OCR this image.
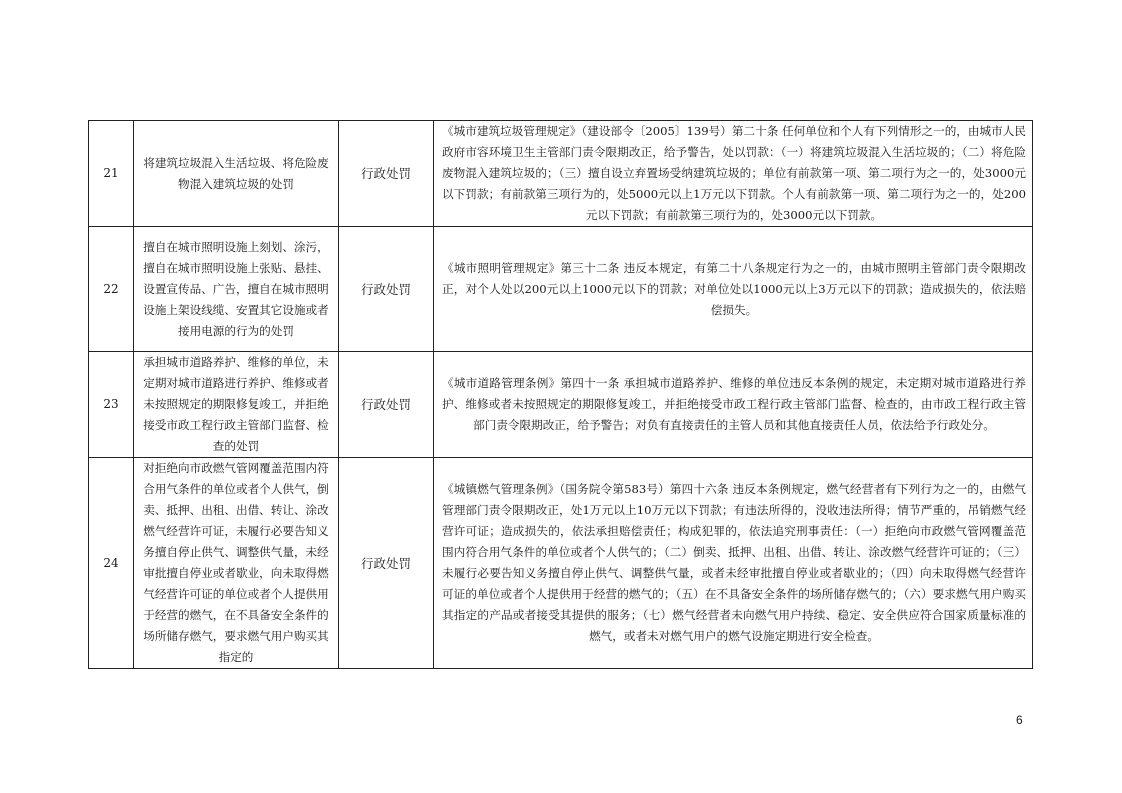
21	将建筑垃圾混入生活垃圾、将危险废物混入建筑垃圾的处罚	行政处罚	《城市建筑垃圾管理规定》（建设部令〔2005〕139号）第二十条 任何单位和个人有下列情形之一的，由城市人民政府市容环境卫生主管部门责令限期改正，给予警告，处以罚款：（一）将建筑垃圾混入生活垃圾的；（二）将危险废物混入建筑垃圾的；（三）擅自设立弃置场受纳建筑垃圾的；单位有前款第一项、第二项行为之一的，处3000元以下罚款；有前款第三项行为的，处5000元以上1万元以下罚款。个人有前款第一项、第二项行为之一的，处200元以下罚款；有前款第三项行为的，处3000元以下罚款。
22	擅自在城市照明设施上刻划、涂污，擅自在城市照明设施上张贴、悬挂、设置宣传品、广告，擅自在城市照明设施上架设线缆、安置其它设施或者接用电源的行为的处罚	行政处罚	《城市照明管理规定》第三十二条 违反本规定，有第二十八条规定行为之一的，由城市照明主管部门责令限期改正，对个人处以200元以上1000元以下的罚款；对单位处以1000元以上3万元以下的罚款；造成损失的，依法赔偿损失。
23	承担城市道路养护、维修的单位，未定期对城市道路进行养护、维修或者未按照规定的期限修复竣工，并拒绝接受市政工程行政主管部门监督、检查的处罚	行政处罚	《城市道路管理条例》第四十一条 承担城市道路养护、维修的单位违反本条例的规定，未定期对城市道路进行养护、维修或者未按照规定的期限修复竣工，并拒绝接受市政工程行政主管部门监督、检查的，由市政工程行政主管部门责令限期改正，给予警告；对负有直接责任的主管人员和其他直接责任人员，依法给予行政处分。
24	对拒绝向市政燃气管网覆盖范围内符合用气条件的单位或者个人供气，倒卖、抵押、出租、出借、转让、涂改燃气经营许可证，未履行必要告知义务擅自停止供气、调整供气量，未经审批擅自停业或者歇业，向未取得燃气经营许可证的单位或者个人提供用于经营的燃气，在不具备安全条件的场所储存燃气，要求燃气用户购买其指定的	行政处罚	《城镇燃气管理条例》（国务院令第583号）第四十六条 违反本条例规定，燃气经营者有下列行为之一的，由燃气管理部门责令限期改正，处1万元以上10万元以下罚款；有违法所得的，没收违法所得；情节严重的，吊销燃气经营许可证；造成损失的，依法承担赔偿责任；构成犯罪的，依法追究刑事责任：（一）拒绝向市政燃气管网覆盖范围内符合用气条件的单位或者个人供气的；（二）倒卖、抵押、出租、出借、转让、涂改燃气经营许可证的；（三）未履行必要告知义务擅自停止供气、调整供气量，或者未经审批擅自停业或者歇业的；（四）向未取得燃气经营许可证的单位或者个人提供用于经营的燃气的；（五）在不具备安全条件的场所储存燃气的；（六）要求燃气用户购买其指定的产品或者接受其提供的服务；（七）燃气经营者未向燃气用户持续、稳定、安全供应符合国家质量标准的燃气，或者未对燃气用户的燃气设施定期进行安全检查。
6
